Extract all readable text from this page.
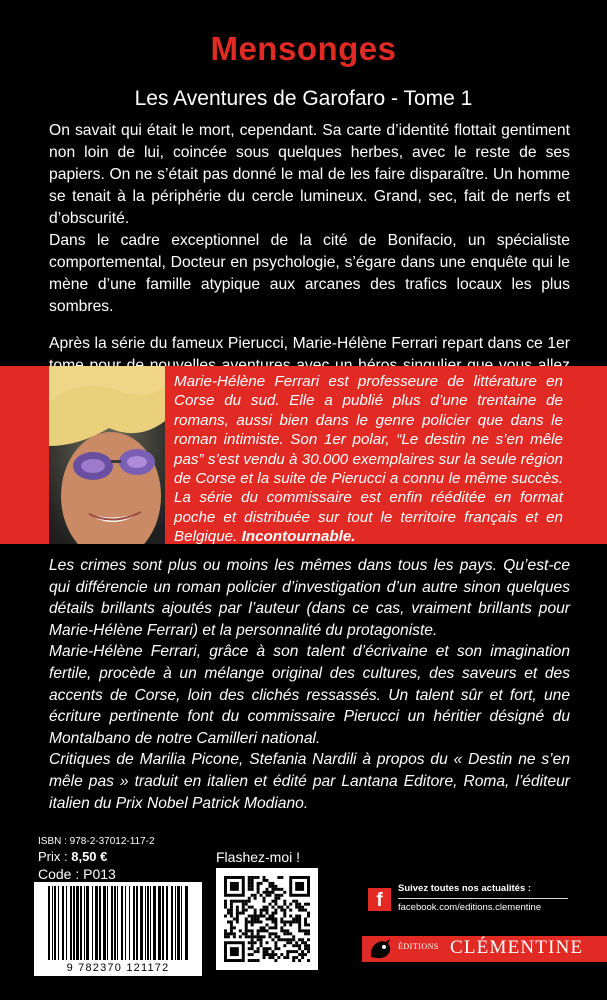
Mensonges
Les Aventures de Garofaro - Tome 1

On savait qui était le mort, cependant. Sa carte d’identité flottait gentiment non loin de lui, coincée sous quelques herbes, avec le reste de ses papiers. On ne s’était pas donné le mal de les faire disparaître. Un homme se tenait à la périphérie du cercle lumineux. Grand, sec, fait de nerfs et d’obscurité.

Dans le cadre exceptionnel de la cité de Bonifacio, un spécialiste comportemental, Docteur en psychologie, s’égare dans une enquête qui le mène d’une famille atypique aux arcanes des trafics locaux les plus sombres.

Après la série du fameux Pierucci, Marie-Hélène Ferrari repart dans ce 1er

Marie-Hélène Ferrari est professeure de littérature en Corse du sud. Elle a publié plus d’une trentaine de romans, aussi bien dans le genre policier que dans le roman intimiste. Son 1er polar, “Le destin ne s’en mêle pas” s’est vendu à 30.000 exemplaires sur la seule région de Corse et la suite de Pierucci a connu le même succès. La série du commissaire est enfin rééditée en format poche et distribuée sur tout le territoire français et en Belgique. Incontournable.

Les crimes sont plus ou moins les mêmes dans tous les pays. Qu’est-ce qui différencie un roman policier d’investigation d’un autre sinon quelques détails brillants ajoutés par l’auteur (dans ce cas, vraiment brillants pour Marie-Hélène Ferrari) et la personnalité du protagoniste.

Marie-Hélène Ferrari, grâce à son talent d’écrivaine et son imagination fertile, procède à un mélange original des cultures, des saveurs et des accents de Corse, loin des clichés ressassés. Un talent sûr et fort, une écriture pertinente font du commissaire Pierucci un héritier désigné du Montalbano de notre Camilleri national.

Critiques de Marilia Picone, Stefania Nardili à propos du « Destin ne s’en mêle pas » traduit en italien et édité par Lantana Editore, Roma, l’éditeur italien du Prix Nobel Patrick Modiano.

ISBN : 978-2-37012-117-2
Prix : 8,50 €
Code : P013
9 782370 121172
Flashez-moi !
f
Suivez toutes nos actualités :
facebook.com/editions.clementine
ÉDITIONS CLÉMENTINE
